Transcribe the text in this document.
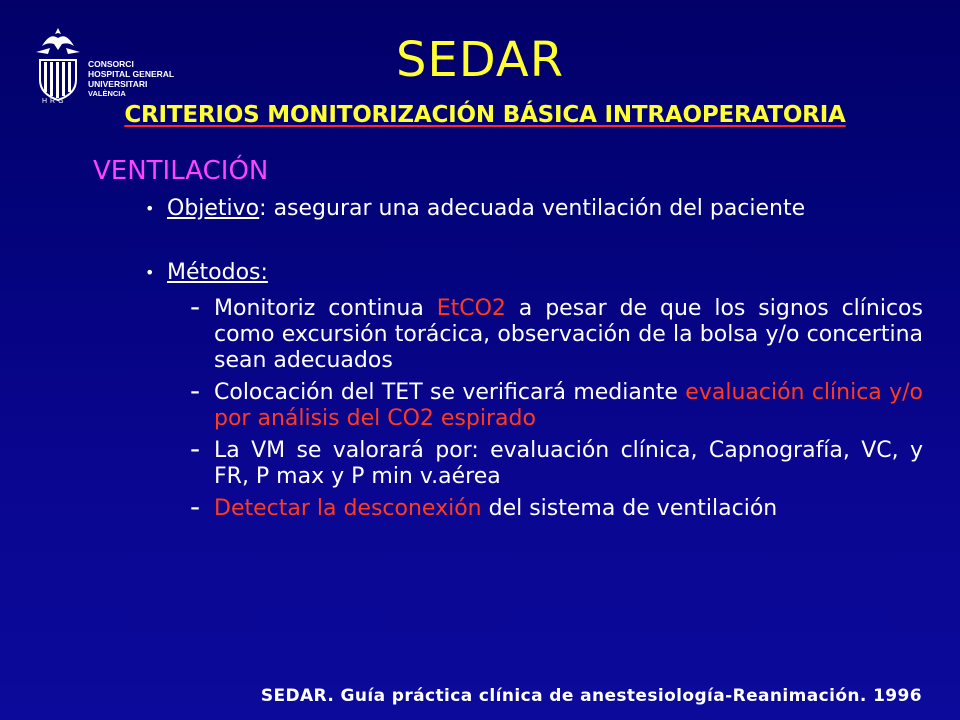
HRG
CONSORCI
HOSPITAL GENERAL
UNIVERSITARI
VALÈNCIA
SEDAR
CRITERIOS MONITORIZACIÓN BÁSICA INTRAOPERATORIA
VENTILACIÓN
• Objetivo: asegurar una adecuada ventilación del paciente
• Métodos:
- Monitoriz continua EtCO2 a pesar de que los signos clínicos como excursión torácica, observación de la bolsa y/o concertina sean adecuados
- Colocación del TET se verificará mediante evaluación clínica y/o por análisis del CO2 espirado
- La VM se valorará por: evaluación clínica, Capnografía, VC, y FR, P max y P min v.aérea
- Detectar la desconexión del sistema de ventilación
SEDAR. Guía práctica clínica de anestesiología-Reanimación. 1996
